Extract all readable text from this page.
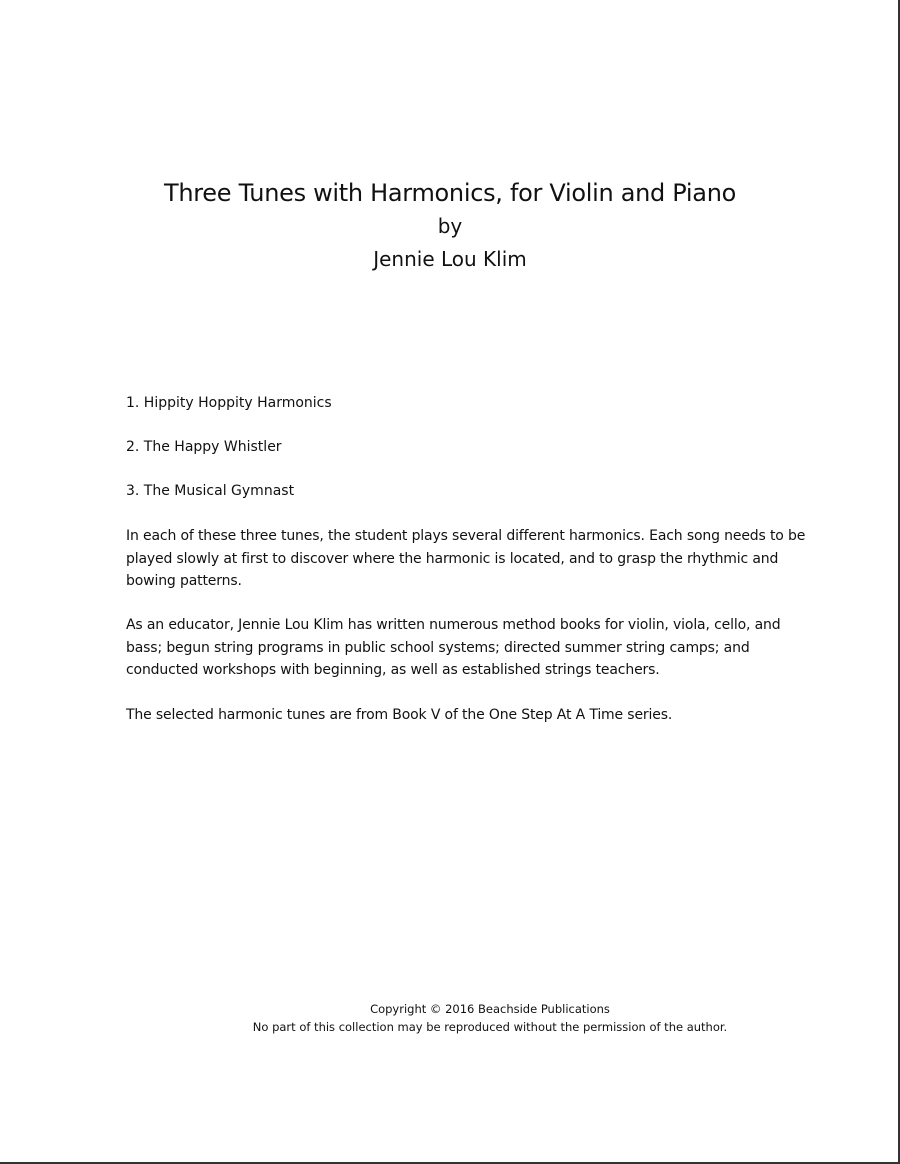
Three Tunes with Harmonics, for Violin and Piano
by
Jennie Lou Klim
1. Hippity Hoppity Harmonics
2. The Happy Whistler
3. The Musical Gymnast

In each of these three tunes, the student plays several different harmonics. Each song needs to be played slowly at first to discover where the harmonic is located, and to grasp the rhythmic and bowing patterns.

As an educator, Jennie Lou Klim has written numerous method books for violin, viola, cello, and bass; begun string programs in public school systems; directed summer string camps; and conducted workshops with beginning, as well as established strings teachers.

The selected harmonic tunes are from Book V of the One Step At A Time series.

Copyright © 2016 Beachside Publications
No part of this collection may be reproduced without the permission of the author.
